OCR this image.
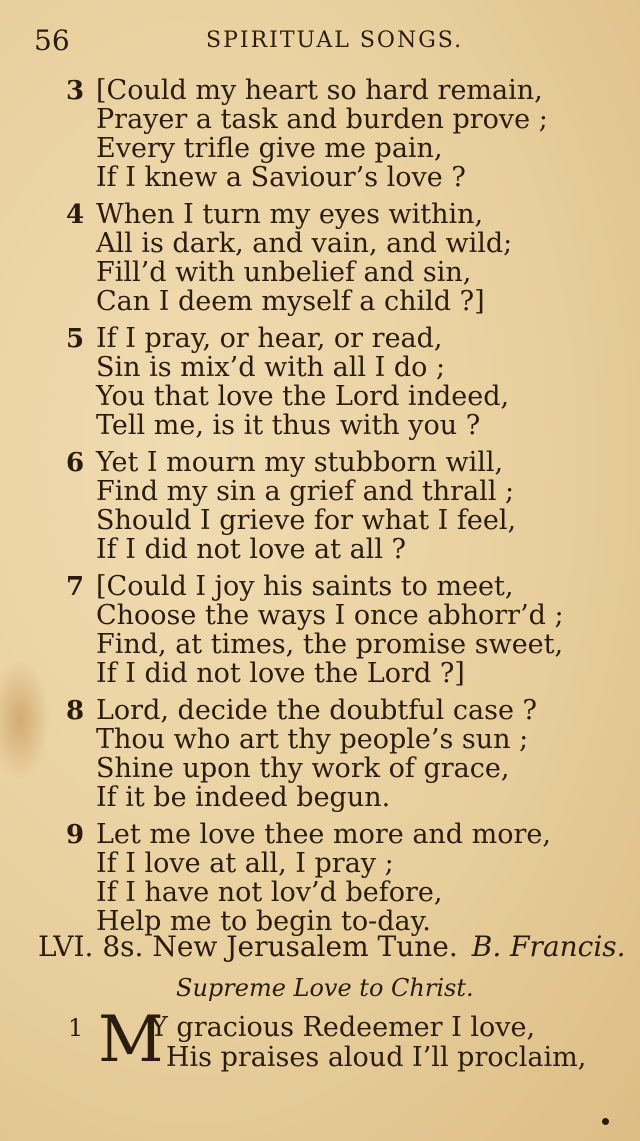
56	SPIRITUAL SONGS.
3 [Could my heart so hard remain,
Prayer a task and burden prove ;
Every trifle give me pain,
If I knew a Saviour’s love ?
4 When I turn my eyes within,
All is dark, and vain, and wild;
Fill’d with unbelief and sin,
Can I deem myself a child ?]
5 If I pray, or hear, or read,
Sin is mix’d with all I do ;
You that love the Lord indeed,
Tell me, is it thus with you ?
6 Yet I mourn my stubborn will,
Find my sin a grief and thrall ;
Should I grieve for what I feel,
If I did not love at all ?
7 [Could I joy his saints to meet,
Choose the ways I once abhorr’d ;
Find, at times, the promise sweet,
If I did not love the Lord ?]
8 Lord, decide the doubtful case ?
Thou who art thy people’s sun ;
Shine upon thy work of grace,
If it be indeed begun.
9 Let me love thee more and more,
If I love at all, I pray ;
If I have not lov’d before,
Help me to begin to-day.
LVI. 8s. New Jerusalem Tune. B. Francis.
Supreme Love to Christ.
1 M
Y gracious Redeemer I love,
His praises aloud I’ll proclaim,
